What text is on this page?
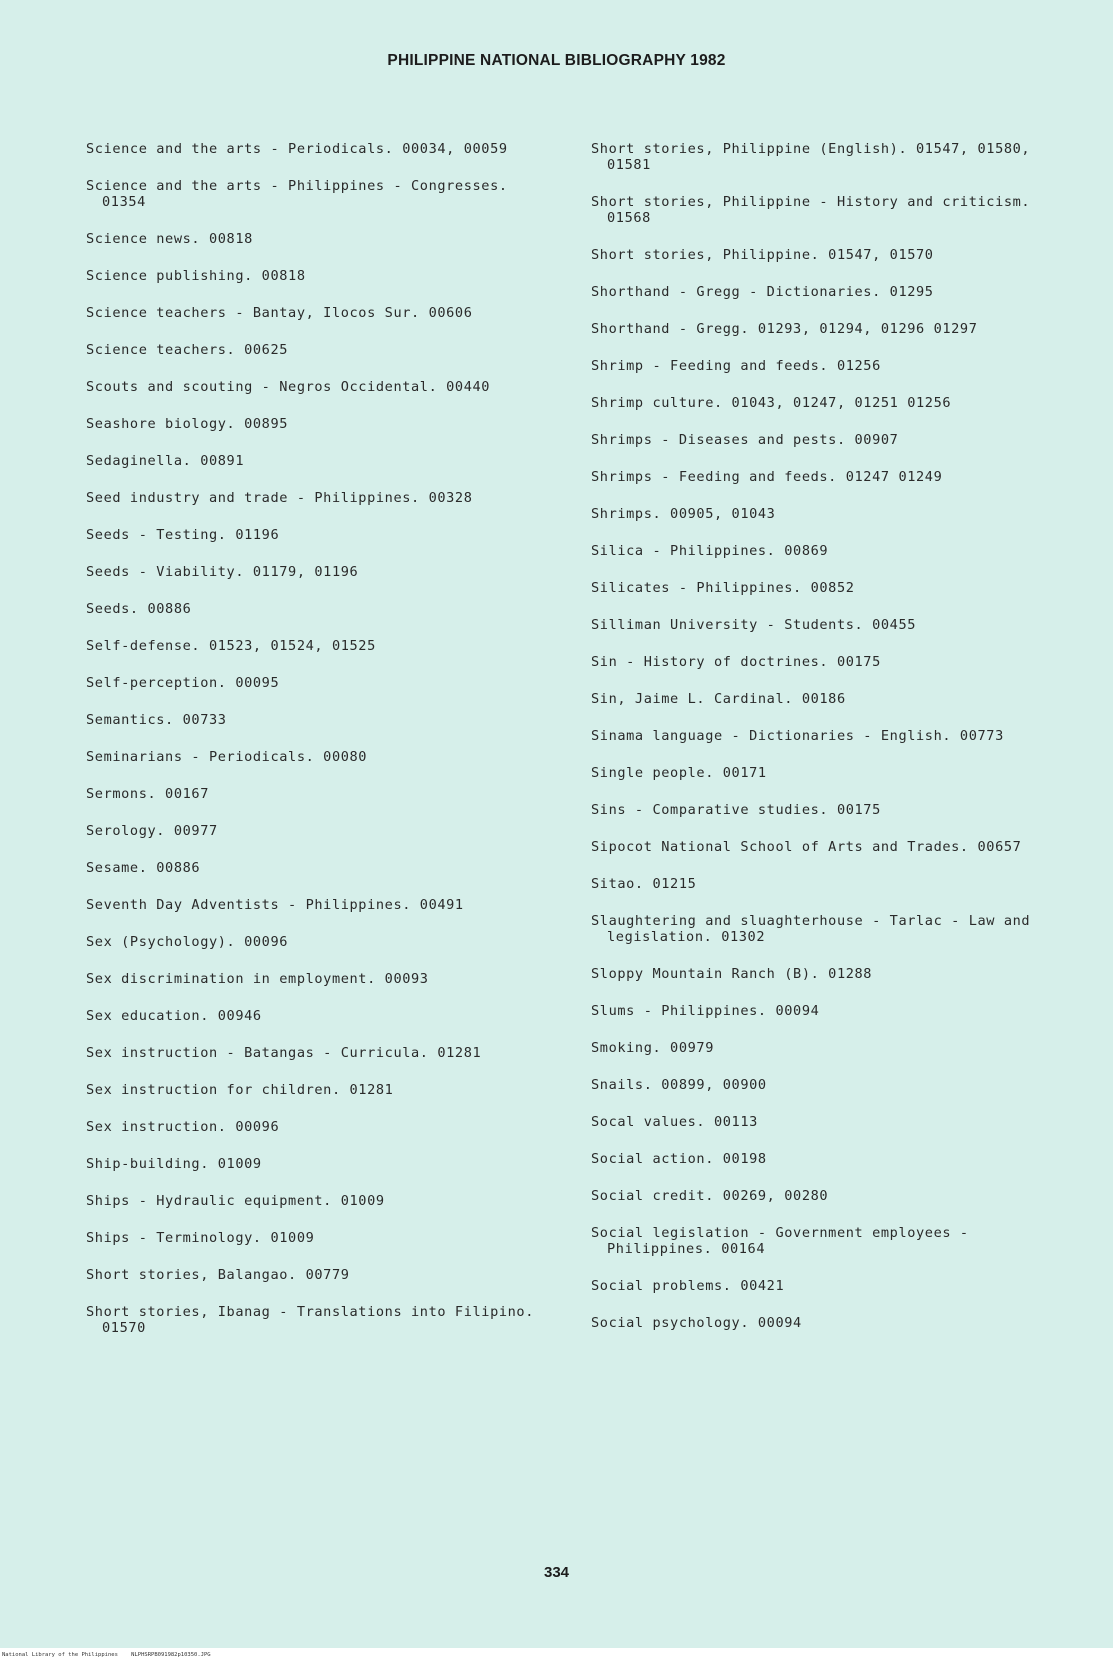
PHILIPPINE NATIONAL BIBLIOGRAPHY 1982
Science and the arts - Periodicals. 00034, 00059
Science and the arts - Philippines - Congresses. 01354
Science news. 00818
Science publishing. 00818
Science teachers - Bantay, Ilocos Sur. 00606
Science teachers. 00625
Scouts and scouting - Negros Occidental. 00440
Seashore biology. 00895
Sedaginella. 00891
Seed industry and trade - Philippines. 00328
Seeds - Testing. 01196
Seeds - Viability. 01179, 01196
Seeds. 00886
Self-defense. 01523, 01524, 01525
Self-perception. 00095
Semantics. 00733
Seminarians - Periodicals. 00080
Sermons. 00167
Serology. 00977
Sesame. 00886
Seventh Day Adventists - Philippines. 00491
Sex (Psychology). 00096
Sex discrimination in employment. 00093
Sex education. 00946
Sex instruction - Batangas - Curricula. 01281
Sex instruction for children. 01281
Sex instruction. 00096
Ship-building. 01009
Ships - Hydraulic equipment. 01009
Ships - Terminology. 01009
Short stories, Balangao. 00779
Short stories, Ibanag - Translations into Filipino. 01570
Short stories, Philippine (English). 01547, 01580, 01581
Short stories, Philippine - History and criticism. 01568
Short stories, Philippine. 01547, 01570
Shorthand - Gregg - Dictionaries. 01295
Shorthand - Gregg. 01293, 01294, 01296 01297
Shrimp - Feeding and feeds. 01256
Shrimp culture. 01043, 01247, 01251 01256
Shrimps - Diseases and pests. 00907
Shrimps - Feeding and feeds. 01247 01249
Shrimps. 00905, 01043
Silica - Philippines. 00869
Silicates - Philippines. 00852
Silliman University - Students. 00455
Sin - History of doctrines. 00175
Sin, Jaime L. Cardinal. 00186
Sinama language - Dictionaries - English. 00773
Single people. 00171
Sins - Comparative studies. 00175
Sipocot National School of Arts and Trades. 00657
Sitao. 01215
Slaughtering and sluaghterhouse - Tarlac - Law and legislation. 01302
Sloppy Mountain Ranch (B). 01288
Slums - Philippines. 00094
Smoking. 00979
Snails. 00899, 00900
Socal values. 00113
Social action. 00198
Social credit. 00269, 00280
Social legislation - Government employees - Philippines. 00164
Social problems. 00421
Social psychology. 00094
334
National Library of the Philippines    NLPHSRPB091982p10350.JPG
